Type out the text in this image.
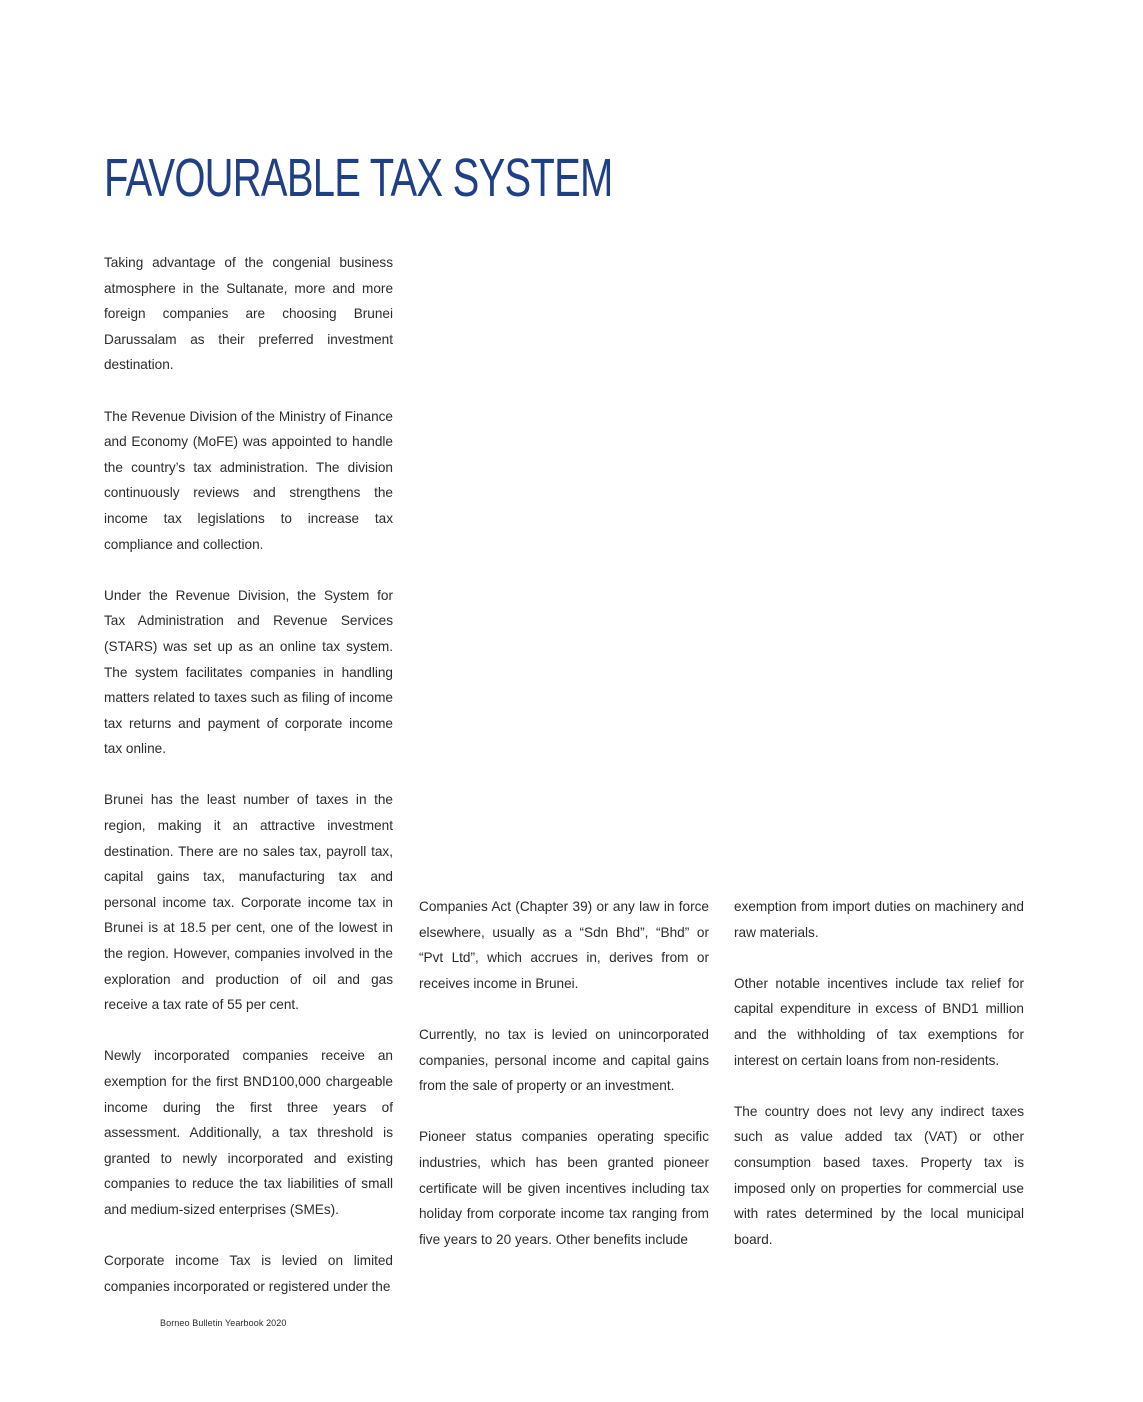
FAVOURABLE TAX SYSTEM

Taking advantage of the congenial business atmosphere in the Sultanate, more and more foreign companies are choosing Brunei Darussalam as their preferred investment destination.

The Revenue Division of the Ministry of Finance and Economy (MoFE) was appointed to handle the country’s tax administration. The division continuously reviews and strengthens the income tax legislations to increase tax compliance and collection.

Under the Revenue Division, the System for Tax Administration and Revenue Services (STARS) was set up as an online tax system. The system facilitates companies in handling matters related to taxes such as filing of income tax returns and payment of corporate income tax online.

Brunei has the least number of taxes in the region, making it an attractive investment destination. There are no sales tax, payroll tax, capital gains tax, manufacturing tax and personal income tax. Corporate income tax in Brunei is at 18.5 per cent, one of the lowest in the region. However, companies involved in the exploration and production of oil and gas receive a tax rate of 55 per cent.

Newly incorporated companies receive an exemption for the first BND100,000 chargeable income during the first three years of assessment. Additionally, a tax threshold is granted to newly incorporated and existing companies to reduce the tax liabilities of small and medium-sized enterprises (SMEs).

Corporate income Tax is levied on limited companies incorporated or registered under the

Companies Act (Chapter 39) or any law in force elsewhere, usually as a “Sdn Bhd”, “Bhd” or “Pvt Ltd”, which accrues in, derives from or receives income in Brunei.

Currently, no tax is levied on unincorporated companies, personal income and capital gains from the sale of property or an investment.

Pioneer status companies operating specific industries, which has been granted pioneer certificate will be given incentives including tax holiday from corporate income tax ranging from five years to 20 years. Other benefits include

exemption from import duties on machinery and raw materials.

Other notable incentives include tax relief for capital expenditure in excess of BND1 million and the withholding of tax exemptions for interest on certain loans from non-residents.

The country does not levy any indirect taxes such as value added tax (VAT) or other consumption based taxes. Property tax is imposed only on properties for commercial use with rates determined by the local municipal board.

Borneo Bulletin Yearbook 2020
